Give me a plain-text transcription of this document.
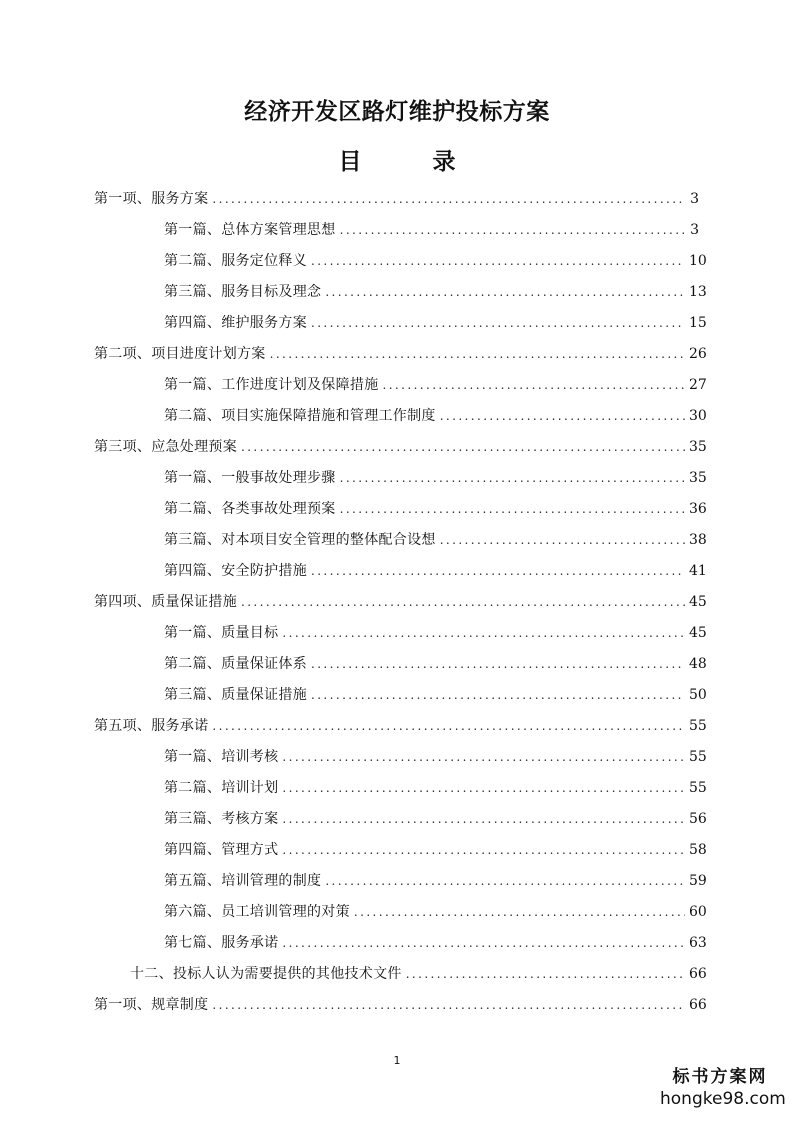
经济开发区路灯维护投标方案
目　录
第一项、服务方案 .....	3
第一篇、总体方案管理思想 .....	3
第二篇、服务定位释义 .....	10
第三篇、服务目标及理念 .....	13
第四篇、维护服务方案 .....	15
第二项、项目进度计划方案 .....	26
第一篇、工作进度计划及保障措施 .....	27
第二篇、项目实施保障措施和管理工作制度 .....	30
第三项、应急处理预案 .....	35
第一篇、一般事故处理步骤 .....	35
第二篇、各类事故处理预案 .....	36
第三篇、对本项目安全管理的整体配合设想 .....	38
第四篇、安全防护措施 .....	41
第四项、质量保证措施 .....	45
第一篇、质量目标 .....	45
第二篇、质量保证体系 .....	48
第三篇、质量保证措施 .....	50
第五项、服务承诺 .....	55
第一篇、培训考核 .....	55
第二篇、培训计划 .....	55
第三篇、考核方案 .....	56
第四篇、管理方式 .....	58
第五篇、培训管理的制度 .....	59
第六篇、员工培训管理的对策 .....	60
第七篇、服务承诺 .....	63
十二、投标人认为需要提供的其他技术文件 .....	66
第一项、规章制度 .....	66
1
标书方案网
hongke98.com
